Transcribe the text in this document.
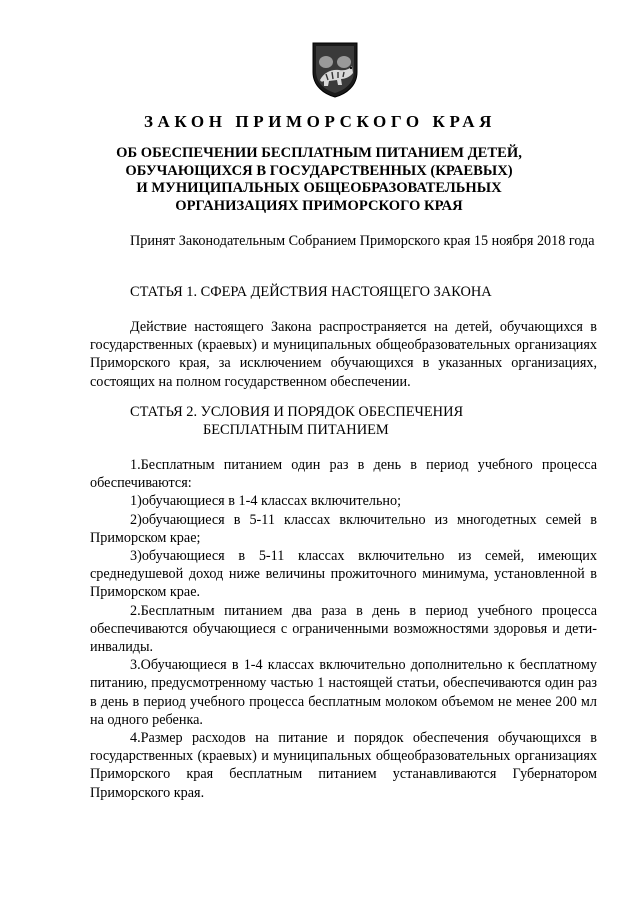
ЗАКОН ПРИМОРСКОГО КРАЯ
ОБ ОБЕСПЕЧЕНИИ БЕСПЛАТНЫМ ПИТАНИЕМ ДЕТЕЙ,
ОБУЧАЮЩИХСЯ В ГОСУДАРСТВЕННЫХ (КРАЕВЫХ)
И МУНИЦИПАЛЬНЫХ ОБЩЕОБРАЗОВАТЕЛЬНЫХ
ОРГАНИЗАЦИЯХ ПРИМОРСКОГО КРАЯ

Принят Законодательным Собранием Приморского края 15 ноября 2018 года

СТАТЬЯ 1. СФЕРА ДЕЙСТВИЯ НАСТОЯЩЕГО ЗАКОНА

Действие настоящего Закона распространяется на детей, обучающихся в государственных (краевых) и муниципальных общеобразовательных организациях Приморского края, за исключением обучающихся в указанных организациях, состоящих на полном государственном обеспечении.

СТАТЬЯ 2. УСЛОВИЯ И ПОРЯДОК ОБЕСПЕЧЕНИЯ
БЕСПЛАТНЫМ ПИТАНИЕМ

1.Бесплатным питанием один раз в день в период учебного процесса обеспечиваются:

1)обучающиеся в 1-4 классах включительно;

2)обучающиеся в 5-11 классах включительно из многодетных семей в Приморском крае;

3)обучающиеся в 5-11 классах включительно из семей, имеющих среднедушевой доход ниже величины прожиточного минимума, установленной в Приморском крае.

2.Бесплатным питанием два раза в день в период учебного процесса обеспечиваются обучающиеся с ограниченными возможностями здоровья и дети-инвалиды.

3.Обучающиеся в 1-4 классах включительно дополнительно к бесплатному питанию, предусмотренному частью 1 настоящей статьи, обеспечиваются один раз в день в период учебного процесса бесплатным молоком объемом не менее 200 мл на одного ребенка.

4.Размер расходов на питание и порядок обеспечения обучающихся в государственных (краевых) и муниципальных общеобразовательных организациях Приморского края бесплатным питанием устанавливаются Губернатором Приморского края.
